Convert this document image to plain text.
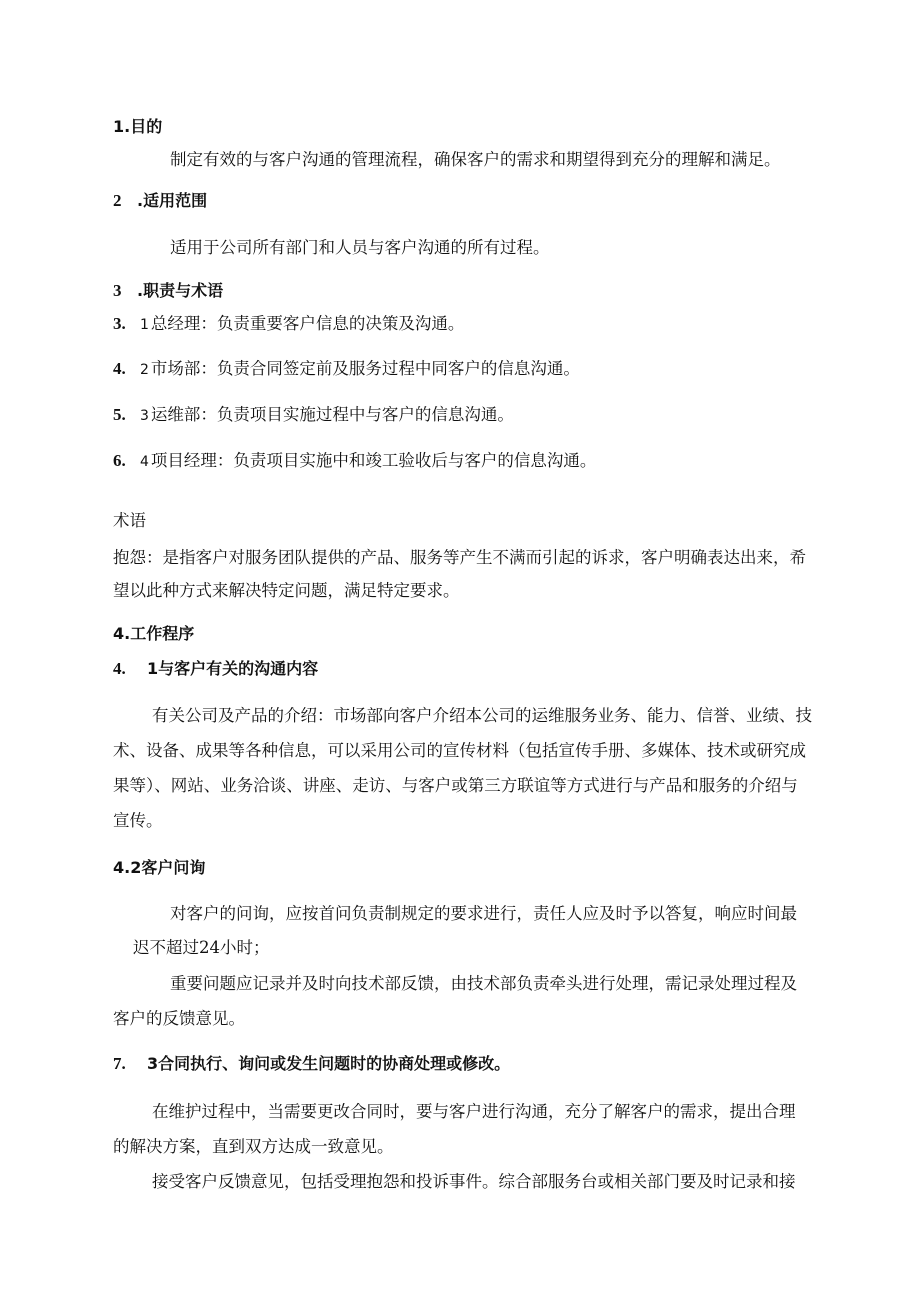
1.目的
制定有效的与客户沟通的管理流程，确保客户的需求和期望得到充分的理解和满足。
2 .适用范围
适用于公司所有部门和人员与客户沟通的所有过程。
3 .职责与术语
3. 1 总经理：负责重要客户信息的决策及沟通。
4. 2 市场部：负责合同签定前及服务过程中同客户的信息沟通。
5. 3 运维部：负责项目实施过程中与客户的信息沟通。
6. 4 项目经理：负责项目实施中和竣工验收后与客户的信息沟通。
术语
抱怨：是指客户对服务团队提供的产品、服务等产生不满而引起的诉求，客户明确表达出来，希
望以此种方式来解决特定问题，满足特定要求。
4.工作程序
4. 1与客户有关的沟通内容
有关公司及产品的介绍：市场部向客户介绍本公司的运维服务业务、能力、信誉、业绩、技
术、设备、成果等各种信息，可以采用公司的宣传材料（包括宣传手册、多媒体、技术或研究成
果等）、网站、业务洽谈、讲座、走访、与客户或第三方联谊等方式进行与产品和服务的介绍与
宣传。
4.2客户问询
对客户的问询，应按首问负责制规定的要求进行，责任人应及时予以答复，响应时间最
迟不超过24小时；
重要问题应记录并及时向技术部反馈，由技术部负责牵头进行处理，需记录处理过程及
客户的反馈意见。
7. 3合同执行、询问或发生问题时的协商处理或修改。
在维护过程中，当需要更改合同时，要与客户进行沟通，充分了解客户的需求，提出合理
的解决方案，直到双方达成一致意见。
接受客户反馈意见，包括受理抱怨和投诉事件。综合部服务台或相关部门要及时记录和接
